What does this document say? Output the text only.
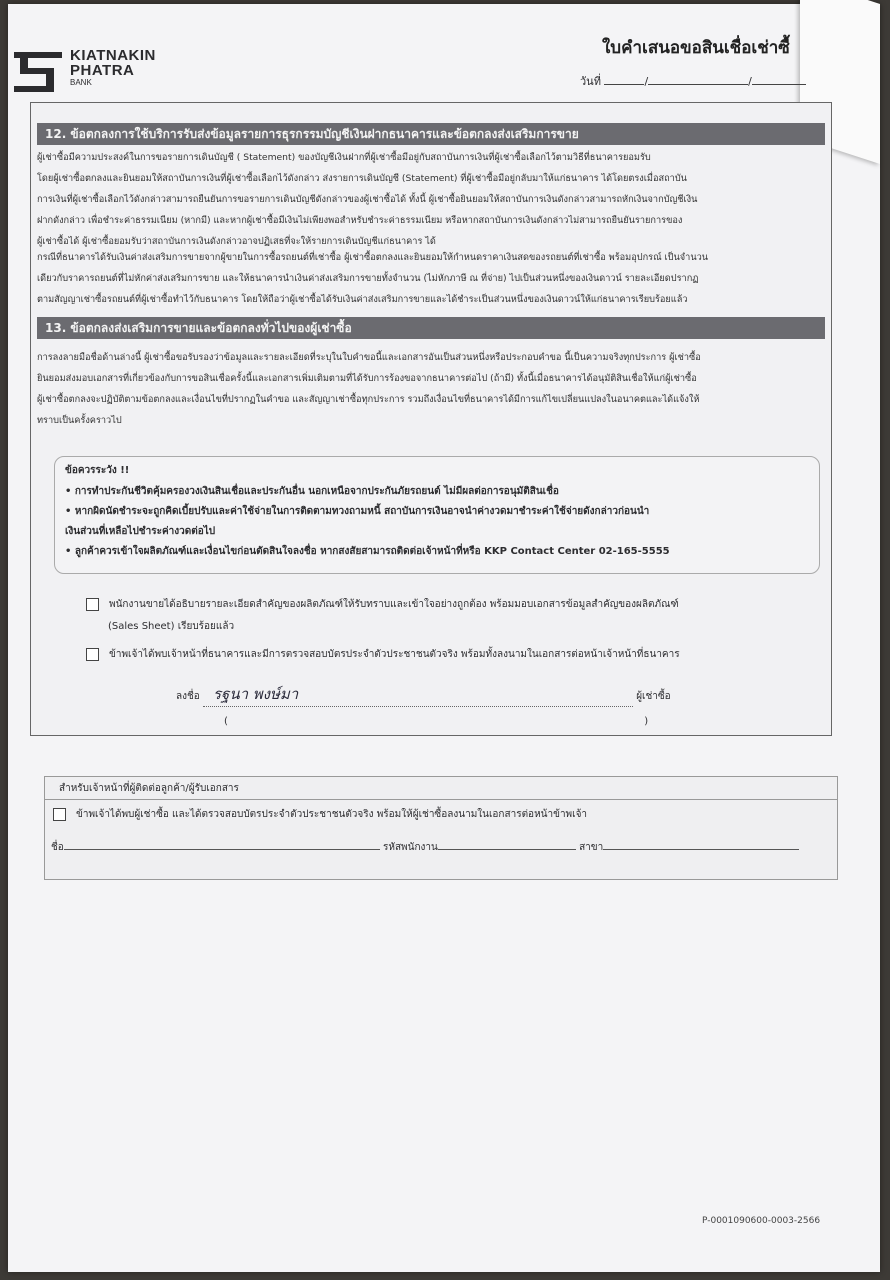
KIATNAKIN
PHATRA
BANK
ใบคำเสนอขอสินเชื่อเช่าซื้
วันที่	/	/
12. ข้อตกลงการใช้บริการรับส่งข้อมูลรายการธุรกรรมบัญชีเงินฝากธนาคารและข้อตกลงส่งเสริมการขาย
ผู้เช่าซื้อมีความประสงค์ในการขอรายการเดินบัญชี ( Statement) ของบัญชีเงินฝากที่ผู้เช่าซื้อมีอยู่กับสถาบันการเงินที่ผู้เช่าซื้อเลือกไว้ตามวิธีที่ธนาคารยอมรับ
โดยผู้เช่าซื้อตกลงและยินยอมให้สถาบันการเงินที่ผู้เช่าซื้อเลือกไว้ดังกล่าว ส่งรายการเดินบัญชี (Statement) ที่ผู้เช่าซื้อมีอยู่กลับมาให้แก่ธนาคาร ได้โดยตรงเมื่อสถาบัน
การเงินที่ผู้เช่าซื้อเลือกไว้ดังกล่าวสามารถยืนยันการขอรายการเดินบัญชีดังกล่าวของผู้เช่าซื้อได้ ทั้งนี้ ผู้เช่าซื้อยินยอมให้สถาบันการเงินดังกล่าวสามารถหักเงินจากบัญชีเงิน
ฝากดังกล่าว เพื่อชำระค่าธรรมเนียม (หากมี) และหากผู้เช่าซื้อมีเงินไม่เพียงพอสำหรับชำระค่าธรรมเนียม หรือหากสถาบันการเงินดังกล่าวไม่สามารถยืนยันรายการของ
ผู้เช่าซื้อได้ ผู้เช่าซื้อยอมรับว่าสถาบันการเงินดังกล่าวอาจปฏิเสธที่จะให้รายการเดินบัญชีแก่ธนาคาร ได้
กรณีที่ธนาคารได้รับเงินค่าส่งเสริมการขายจากผู้ขายในการซื้อรถยนต์ที่เช่าซื้อ ผู้เช่าซื้อตกลงและยินยอมให้กำหนดราคาเงินสดของรถยนต์ที่เช่าซื้อ พร้อมอุปกรณ์ เป็นจำนวน
เดียวกับราคารถยนต์ที่ไม่หักค่าส่งเสริมการขาย และให้ธนาคารนำเงินค่าส่งเสริมการขายทั้งจำนวน (ไม่หักภาษี ณ ที่จ่าย) ไปเป็นส่วนหนึ่งของเงินดาวน์ รายละเอียดปรากฏ
ตามสัญญาเช่าซื้อรถยนต์ที่ผู้เช่าซื้อทำไว้กับธนาคาร โดยให้ถือว่าผู้เช่าซื้อได้รับเงินค่าส่งเสริมการขายและได้ชำระเป็นส่วนหนึ่งของเงินดาวน์ให้แก่ธนาคารเรียบร้อยแล้ว
13. ข้อตกลงส่งเสริมการขายและข้อตกลงทั่วไปของผู้เช่าซื้อ
การลงลายมือชื่อด้านล่างนี้ ผู้เช่าซื้อขอรับรองว่าข้อมูลและรายละเอียดที่ระบุในใบคำขอนี้และเอกสารอันเป็นส่วนหนึ่งหรือประกอบคำขอ นี้เป็นความจริงทุกประการ ผู้เช่าซื้อ
ยินยอมส่งมอบเอกสารที่เกี่ยวข้องกับการขอสินเชื่อครั้งนี้และเอกสารเพิ่มเติมตามที่ได้รับการร้องขอจากธนาคารต่อไป (ถ้ามี) ทั้งนี้เมื่อธนาคารได้อนุมัติสินเชื่อให้แก่ผู้เช่าซื้อ
ผู้เช่าซื้อตกลงจะปฏิบัติตามข้อตกลงและเงื่อนไขที่ปรากฏในคำขอ และสัญญาเช่าซื้อทุกประการ รวมถึงเงื่อนไขที่ธนาคารได้มีการแก้ไขเปลี่ยนแปลงในอนาคตและได้แจ้งให้
ทราบเป็นครั้งคราวไป
ข้อควรระวัง !!
• การทำประกันชีวิตคุ้มครองวงเงินสินเชื่อและประกันอื่น นอกเหนือจากประกันภัยรถยนต์ ไม่มีผลต่อการอนุมัติสินเชื่อ
• หากผิดนัดชำระจะถูกคิดเบี้ยปรับและค่าใช้จ่ายในการติดตามทวงถามหนี้ สถาบันการเงินอาจนำค่างวดมาชำระค่าใช้จ่ายดังกล่าวก่อนนำ
เงินส่วนที่เหลือไปชำระค่างวดต่อไป
• ลูกค้าควรเข้าใจผลิตภัณฑ์และเงื่อนไขก่อนตัดสินใจลงชื่อ หากสงสัยสามารถติดต่อเจ้าหน้าที่หรือ KKP Contact Center 02-165-5555
พนักงานขายได้อธิบายรายละเอียดสำคัญของผลิตภัณฑ์ให้รับทราบและเข้าใจอย่างถูกต้อง พร้อมมอบเอกสารข้อมูลสำคัญของผลิตภัณฑ์
(Sales Sheet) เรียบร้อยแล้ว
ข้าพเจ้าได้พบเจ้าหน้าที่ธนาคารและมีการตรวจสอบบัตรประจำตัวประชาชนตัวจริง พร้อมทั้งลงนามในเอกสารต่อหน้าเจ้าหน้าที่ธนาคาร
ลงชื่อ รฐนา พงษ์มา	ผู้เช่าซื้อ
(	)
สำหรับเจ้าหน้าที่ผู้ติดต่อลูกค้า/ผู้รับเอกสาร
ข้าพเจ้าได้พบผู้เช่าซื้อ และได้ตรวจสอบบัตรประจำตัวประชาชนตัวจริง พร้อมให้ผู้เช่าซื้อลงนามในเอกสารต่อหน้าข้าพเจ้า
ชื่อ	รหัสพนักงาน	สาขา
P-0001090600-0003-2566
